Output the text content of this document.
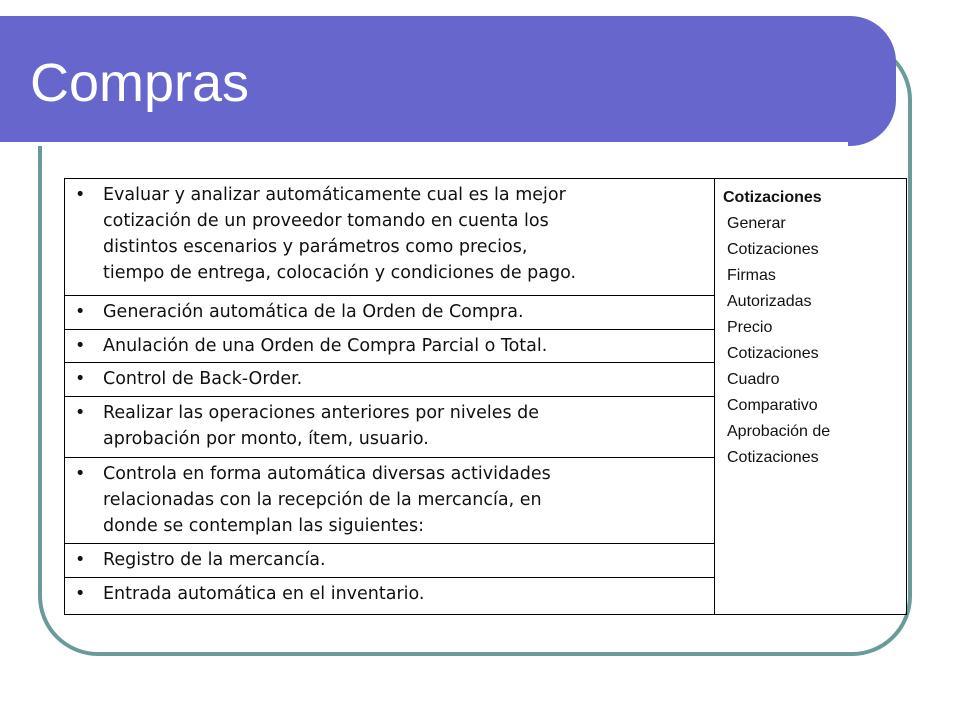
Compras
•	Evaluar y analizar automáticamente cual es la mejor
cotización de un proveedor tomando en cuenta los
distintos escenarios y parámetros como precios,
tiempo de entrega, colocación y condiciones de pago.

Cotizaciones
Generar
Cotizaciones
Firmas
Autorizadas
Precio
Cotizaciones
Cuadro
Comparativo
Aprobación de
Cotizaciones

•	Generación automática de la Orden de Compra.

•	Anulación de una Orden de Compra Parcial o Total.

•	Control de Back-Order.

•	Realizar las operaciones anteriores por niveles de
aprobación por monto, ítem, usuario.

•	Controla en forma automática diversas actividades
relacionadas con la recepción de la mercancía, en
donde se contemplan las siguientes:

•	Registro de la mercancía.

•	Entrada automática en el inventario.
